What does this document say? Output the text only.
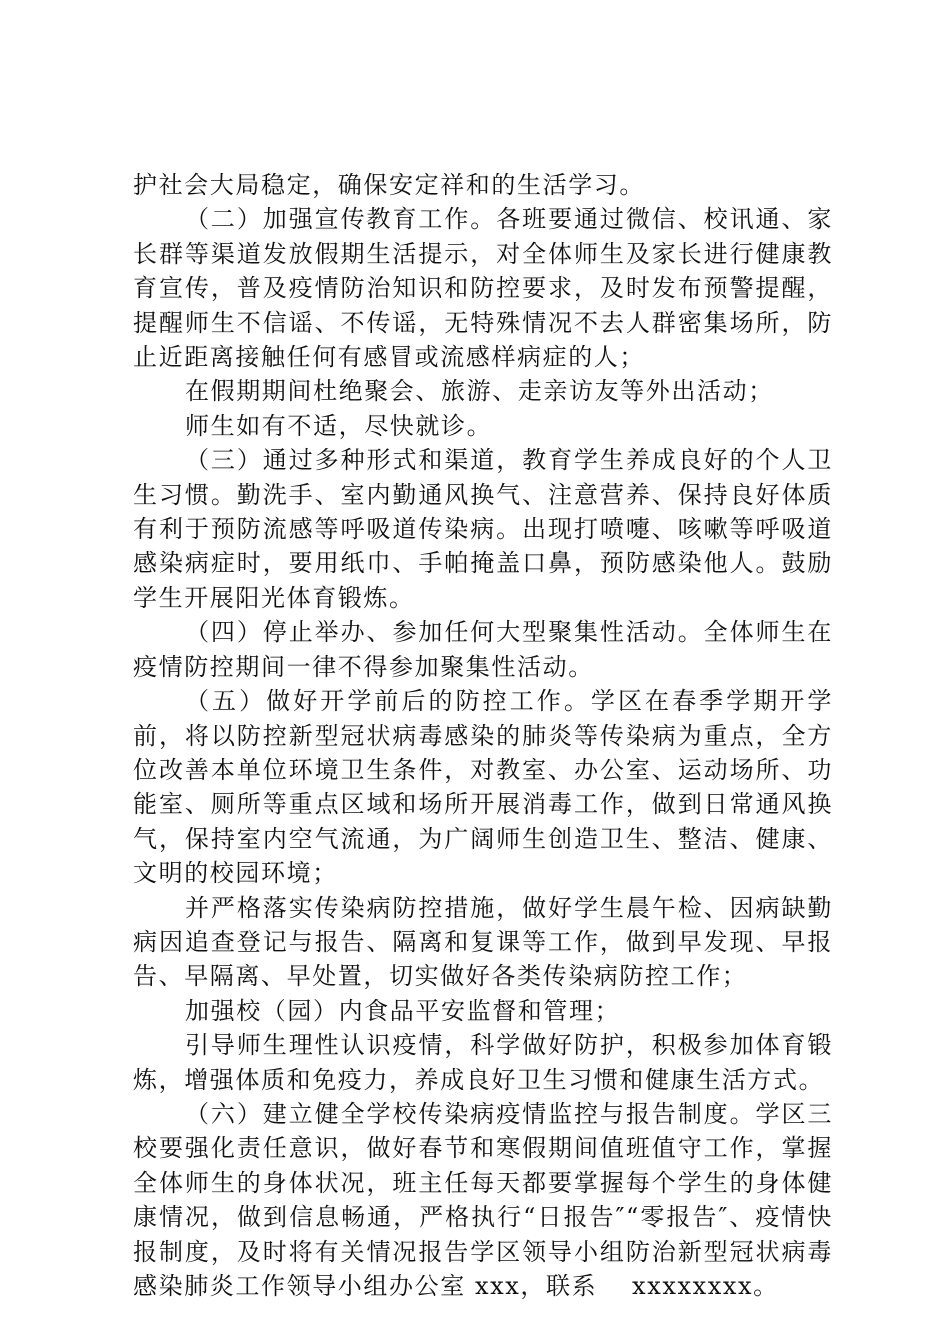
护社会大局稳定，确保安定祥和的生活学习。

（二）加强宣传教育工作。各班要通过微信、校讯通、家长群等渠道发放假期生活提示，对全体师生及家长进行健康教育宣传，普及疫情防治知识和防控要求，及时发布预警提醒，提醒师生不信谣、不传谣，无特殊情况不去人群密集场所，防止近距离接触任何有感冒或流感样病症的人；

在假期期间杜绝聚会、旅游、走亲访友等外出活动；

师生如有不适，尽快就诊。

（三）通过多种形式和渠道，教育学生养成良好的个人卫生习惯。勤洗手、室内勤通风换气、注意营养、保持良好体质有利于预防流感等呼吸道传染病。出现打喷嚏、咳嗽等呼吸道感染病症时，要用纸巾、手帕掩盖口鼻，预防感染他人。鼓励学生开展阳光体育锻炼。

（四）停止举办、参加任何大型聚集性活动。全体师生在疫情防控期间一律不得参加聚集性活动。

（五）做好开学前后的防控工作。学区在春季学期开学前，将以防控新型冠状病毒感染的肺炎等传染病为重点，全方位改善本单位环境卫生条件，对教室、办公室、运动场所、功能室、厕所等重点区域和场所开展消毒工作，做到日常通风换气，保持室内空气流通，为广阔师生创造卫生、整洁、健康、文明的校园环境；

并严格落实传染病防控措施，做好学生晨午检、因病缺勤病因追查登记与报告、隔离和复课等工作，做到早发现、早报告、早隔离、早处置，切实做好各类传染病防控工作；

加强校（园）内食品平安监督和管理；

引导师生理性认识疫情，科学做好防护，积极参加体育锻炼，增强体质和免疫力，养成良好卫生习惯和健康生活方式。

（六）建立健全学校传染病疫情监控与报告制度。学区三校要强化责任意识，做好春节和寒假期间值班值守工作，掌握全体师生的身体状况，班主任每天都要掌握每个学生的身体健康情况，做到信息畅通，严格执行“日报告″“零报告″、疫情快报制度，及时将有关情况报告学区领导小组防治新型冠状病毒感染肺炎工作领导小组办公室 xxx，联系　 xxxxxxxx。
